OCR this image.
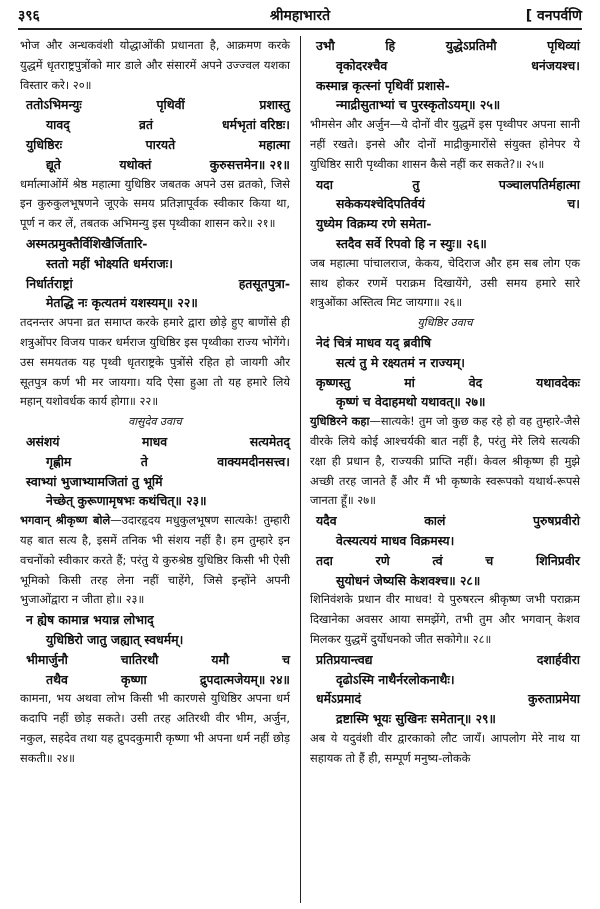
३९६	श्रीमहाभारते	[ वनपर्वणि

भोज और अन्धकवंशी योद्धाओंकी प्रधानता है, आक्रमण करके युद्धमें धृतराष्ट्रपुत्रोंको मार डाले और संसारमें अपने उज्ज्वल यशका विस्तार करे। २०॥

ततोऽभिमन्युः	पृथिवीं	प्रशास्तु
यावद्	व्रतं	धर्मभृतां वरिष्ठः।
युधिष्ठिरः	पारयते	महात्मा
द्यूते	यथोक्तं	कुरुसत्तमेन॥ २१॥

धर्मात्माओंमें श्रेष्ठ महात्मा युधिष्ठिर जबतक अपने उस व्रतको, जिसे इन कुरुकुलभूषणने जूएके समय प्रतिज्ञापूर्वक स्वीकार किया था, पूर्ण न कर लें, तबतक अभिमन्यु इस पृथ्वीका शासन करे॥ २१॥

अस्मत्प्रमुक्तैर्विशिखैर्जितारि-
स्ततो महीं भोक्ष्यति धर्मराजः।
निर्धार्तराष्ट्रां	हतसूतपुत्रा-
मेतद्धि नः कृत्यतमं यशस्यम्॥ २२॥

तदनन्तर अपना व्रत समाप्त करके हमारे द्वारा छोड़े हुए बाणोंसे ही शत्रुओंपर विजय पाकर धर्मराज युधिष्ठिर इस पृथ्वीका राज्य भोगेंगे। उस समयतक यह पृथ्वी धृतराष्ट्रके पुत्रोंसे रहित हो जायगी और सूतपुत्र कर्ण भी मर जायगा। यदि ऐसा हुआ तो यह हमारे लिये महान् यशोवर्धक कार्य होगा॥ २२॥

वासुदेव उवाच
असंशयं	माधव	सत्यमेतद्
गृह्णीम	ते	वाक्यमदीनसत्त्व।
स्वाभ्यां भुजाभ्यामजितां तु भूमिं
नेच्छेत् कुरूणामृषभः कथंचित्॥ २३॥

भगवान् श्रीकृष्ण बोले—उदारहृदय मधुकुलभूषण सात्यके! तुम्हारी यह बात सत्य है, इसमें तनिक भी संशय नहीं है। हम तुम्हारे इन वचनोंको स्वीकार करते हैं; परंतु ये कुरुश्रेष्ठ युधिष्ठिर किसी भी ऐसी भूमिको किसी तरह लेना नहीं चाहेंगे, जिसे इन्होंने अपनी भुजाओंद्वारा न जीता हो॥ २३॥

न ह्येष कामान्न भयान्न लोभाद्
युधिष्ठिरो जातु जह्यात् स्वधर्मम्।
भीमार्जुनौ	चातिरथौ	यमौ	च
तथैव	कृष्णा	द्रुपदात्मजेयम्॥ २४॥

कामना, भय अथवा लोभ किसी भी कारणसे युधिष्ठिर अपना धर्म कदापि नहीं छोड़ सकते। उसी तरह अतिरथी वीर भीम, अर्जुन, नकुल, सहदेव तथा यह द्रुपदकुमारी कृष्णा भी अपना धर्म नहीं छोड़ सकती॥ २४॥

उभौ	हि	युद्धेऽप्रतिमौ	पृथिव्यां
वृकोदरश्चैव	धनंजयश्च।
कस्मान्न कृत्स्नां पृथिवीं प्रशासे-
न्माद्रीसुताभ्यां च पुरस्कृतोऽयम्॥ २५॥

भीमसेन और अर्जुन—ये दोनों वीर युद्धमें इस पृथ्वीपर अपना सानी नहीं रखते। इनसे और दोनों माद्रीकुमारोंसे संयुक्त होनेपर ये युधिष्ठिर सारी पृथ्वीका शासन कैसे नहीं कर सकते?॥ २५॥

यदा	तु	पञ्चालपतिर्महात्मा
सकेकयश्चेदिपतिर्वयं	च।
युध्येम विक्रम्य रणे समेता-
स्तदैव सर्वे रिपवो हि न स्युः॥ २६॥

जब महात्मा पांचालराज, केकय, चेदिराज और हम सब लोग एक साथ होकर रणमें पराक्रम दिखायेंगे, उसी समय हमारे सारे शत्रुओंका अस्तित्व मिट जायगा॥ २६॥

युधिष्ठिर उवाच
नेदं चित्रं माधव यद् ब्रवीषि
सत्यं तु मे रक्ष्यतमं न राज्यम्।
कृष्णस्तु	मां	वेद	यथावदेकः
कृष्णं च वेदाहमथो यथावत्॥ २७॥

युधिष्ठिरने कहा—सात्यके! तुम जो कुछ कह रहे हो वह तुम्हारे-जैसे वीरके लिये कोई आश्चर्यकी बात नहीं है, परंतु मेरे लिये सत्यकी रक्षा ही प्रधान है, राज्यकी प्राप्ति नहीं। केवल श्रीकृष्ण ही मुझे अच्छी तरह जानते हैं और मैं भी कृष्णके स्वरूपको यथार्थ-रूपसे जानता हूँ॥ २७॥

यदैव	कालं	पुरुषप्रवीरो
वेत्स्यत्ययं माधव विक्रमस्य।
तदा	रणे	त्वं	च	शिनिप्रवीर
सुयोधनं जेष्यसि केशवश्च॥ २८॥

शिनिवंशके प्रधान वीर माधव! ये पुरुषरत्न श्रीकृष्ण जभी पराक्रम दिखानेका अवसर आया समझेंगे, तभी तुम और भगवान् केशव मिलकर युद्धमें दुर्योधनको जीत सकोगे॥ २८॥

प्रतिप्रयान्त्वद्य	दशार्हवीरा
दृढोऽस्मि नाथैर्नरलोकनाथैः।
धर्मेऽप्रमादं	कुरुताप्रमेया
द्रष्टास्मि भूयः सुखिनः समेतान्॥ २९॥

अब ये यदुवंशी वीर द्वारकाको लौट जायँ। आपलोग मेरे नाथ या सहायक तो हैं ही, सम्पूर्ण मनुष्य-लोकके
